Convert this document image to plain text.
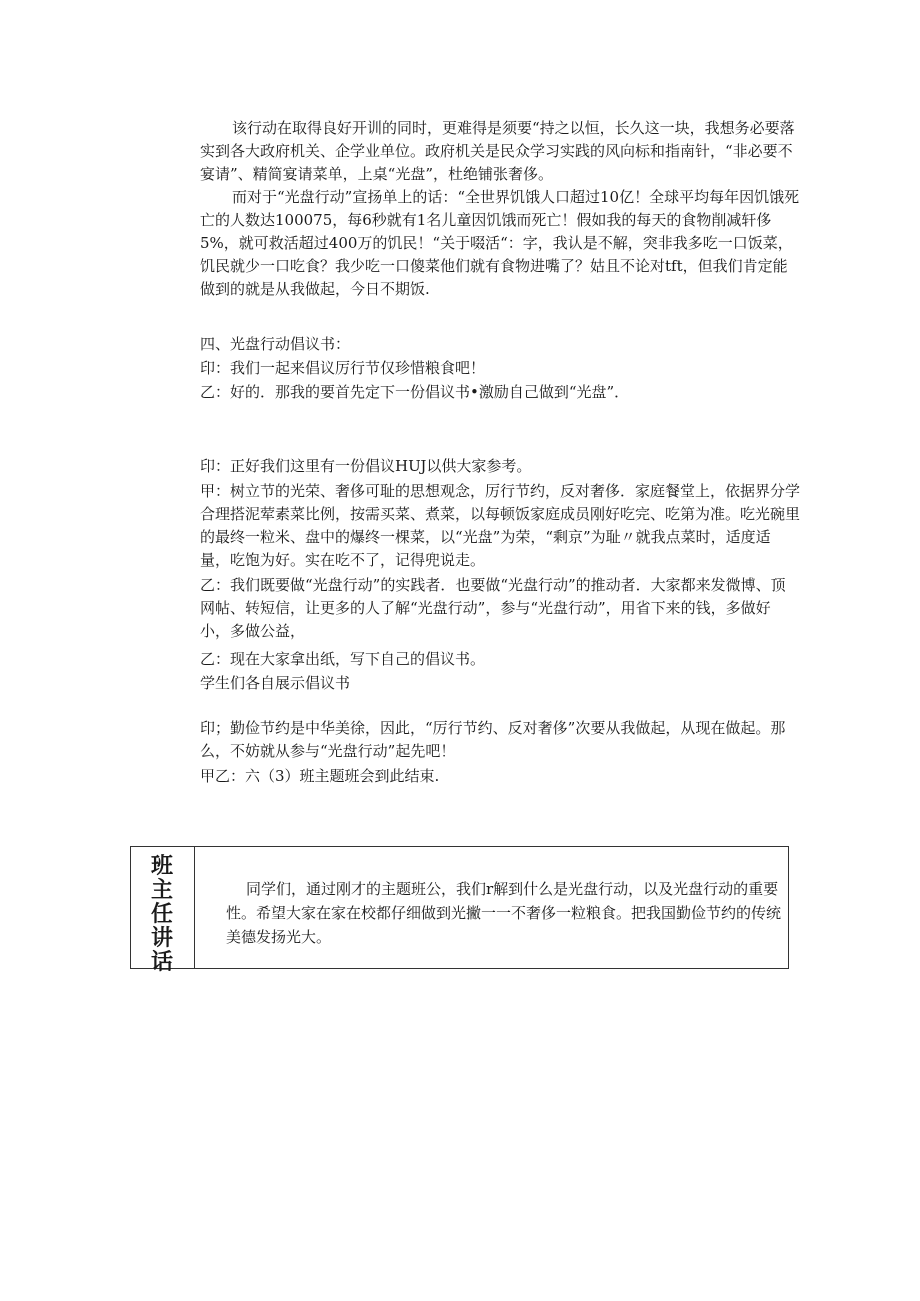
该行动在取得良好开训的同时，更难得是须要“持之以恒，长久这一块，我想务必要落实到各大政府机关、企学业单位。政府机关是民众学习实践的风向标和指南针，“非必要不宴请”、精简宴请菜单，上桌“光盘”，杜绝铺张奢侈。

而对于“光盘行动”宣扬单上的话：“全世界饥饿人口超过10亿！全球平均每年因饥饿死亡的人数达100075，每6秒就有1名儿童因饥饿而死亡！假如我的每天的食物削减轩侈5%，就可救活超过400万的饥民！“关于啜活“：字，我认是不解，突非我多吃一口饭菜，饥民就少一口吃食？我少吃一口傻菜他们就有食物进嘴了？姑且不论对tft，但我们肯定能做到的就是从我做起，今日不期饭.

四、光盘行动倡议书：

印：我们一起来倡议厉行节仅珍惜粮食吧！

乙：好的．那我的要首先定下一份倡议书•激励自己做到“光盘”．

印：正好我们这里有一份倡议HUJ以供大家参考。

甲：树立节的光荣、奢侈可耻的思想观念，厉行节约，反对奢侈．家庭餐堂上，依据界分学合理搭泥荤素菜比例，按需买菜、煮菜，以每顿饭家庭成员刚好吃完、吃第为准。吃光碗里的最终一粒米、盘中的爆终一棵菜，以“光盘”为荣，“剩京”为耻〃就我点菜时，适度适量，吃饱为好。实在吃不了，记得兜说走。

乙：我们既要做“光盘行动”的实践者．也要做“光盘行动”的推动者．大家都来发微博、顶网帖、转短信，让更多的人了解“光盘行动”，参与“光盘行动”，用省下来的钱，多做好小，多做公益，

乙：现在大家拿出纸，写下自己的倡议书。

学生们各自展示倡议书

印；勤俭节约是中华美徐，因此，“厉行节约、反对奢侈”次要从我做起，从现在做起。那么，不妨就从参与“光盘行动”起先吧！

甲乙：六（3）班主题班会到此结束.

班主任讲话

同学们，通过刚才的主题班公，我们r解到什么是光盘行动，以及光盘行动的重要性。希望大家在家在校都仔细做到光撇一一不奢侈一粒粮食。把我国勤俭节约的传统美德发扬光大。
